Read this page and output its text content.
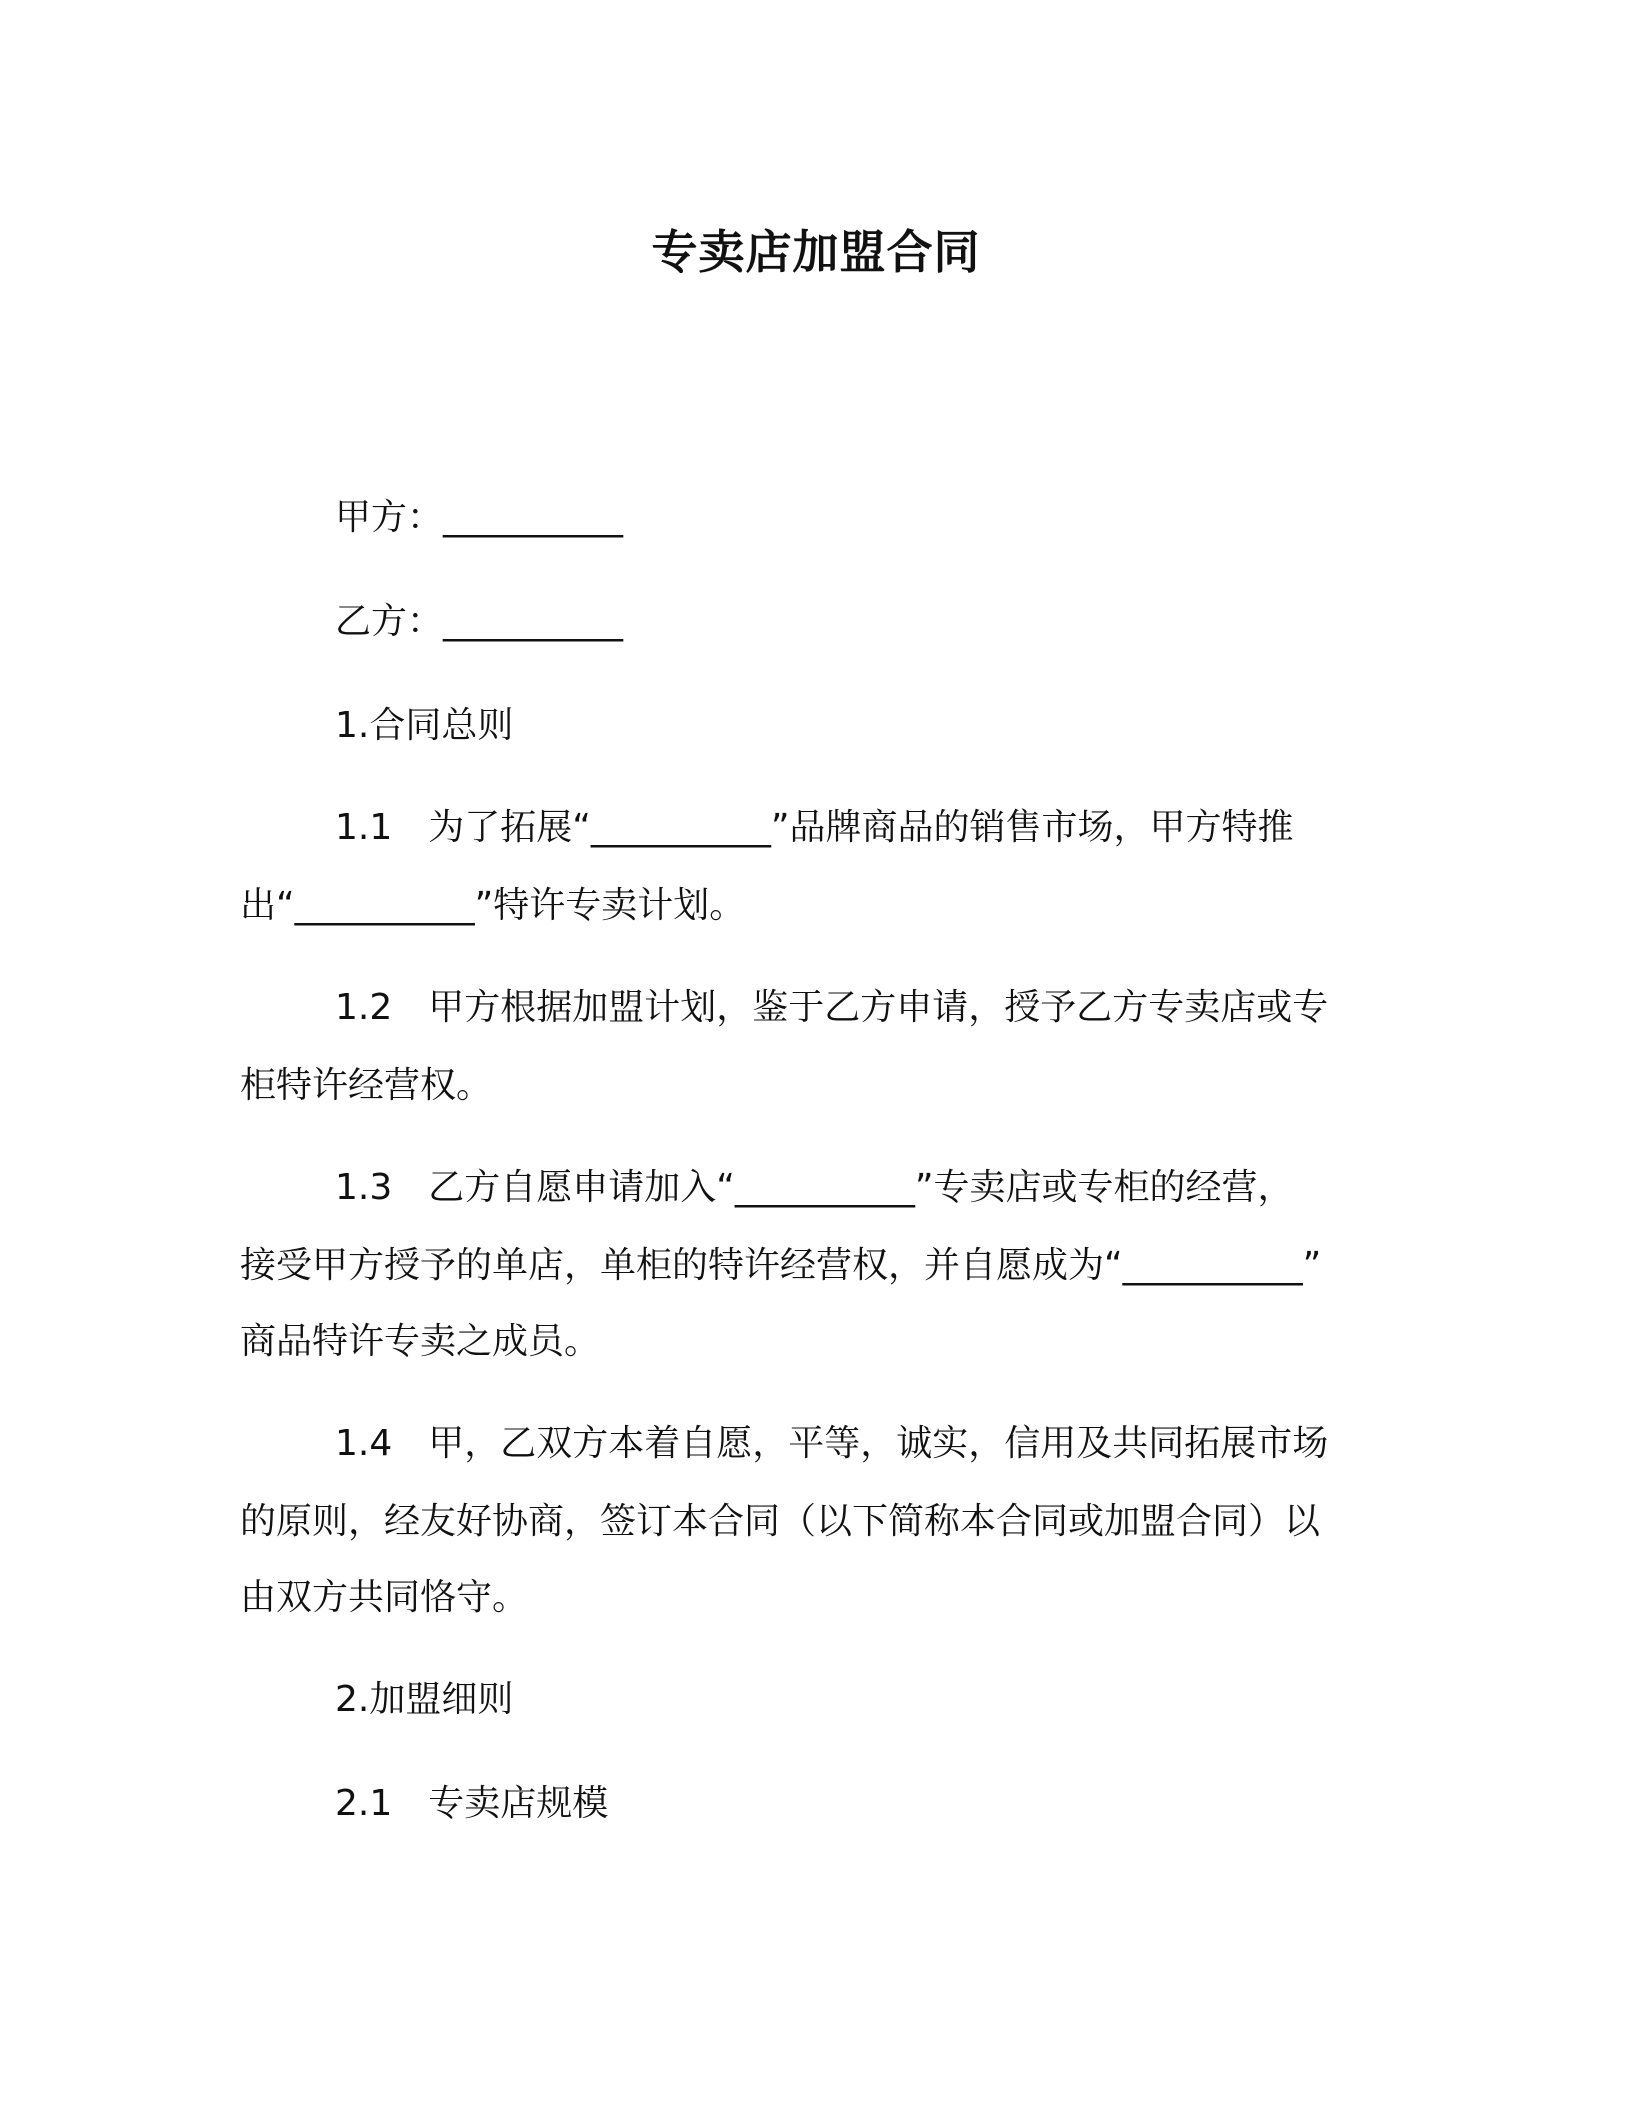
专卖店加盟合同
甲方：__________
乙方：__________
1.合同总则
1.1　为了拓展“__________”品牌商品的销售市场，甲方特推
出“__________”特许专卖计划。
1.2　甲方根据加盟计划，鉴于乙方申请，授予乙方专卖店或专
柜特许经营权。
1.3　乙方自愿申请加入“__________”专卖店或专柜的经营，
接受甲方授予的单店，单柜的特许经营权，并自愿成为“__________”
商品特许专卖之成员。
1.4　甲，乙双方本着自愿，平等，诚实，信用及共同拓展市场
的原则，经友好协商，签订本合同（以下简称本合同或加盟合同）以
由双方共同恪守。
2.加盟细则
2.1　专卖店规模
